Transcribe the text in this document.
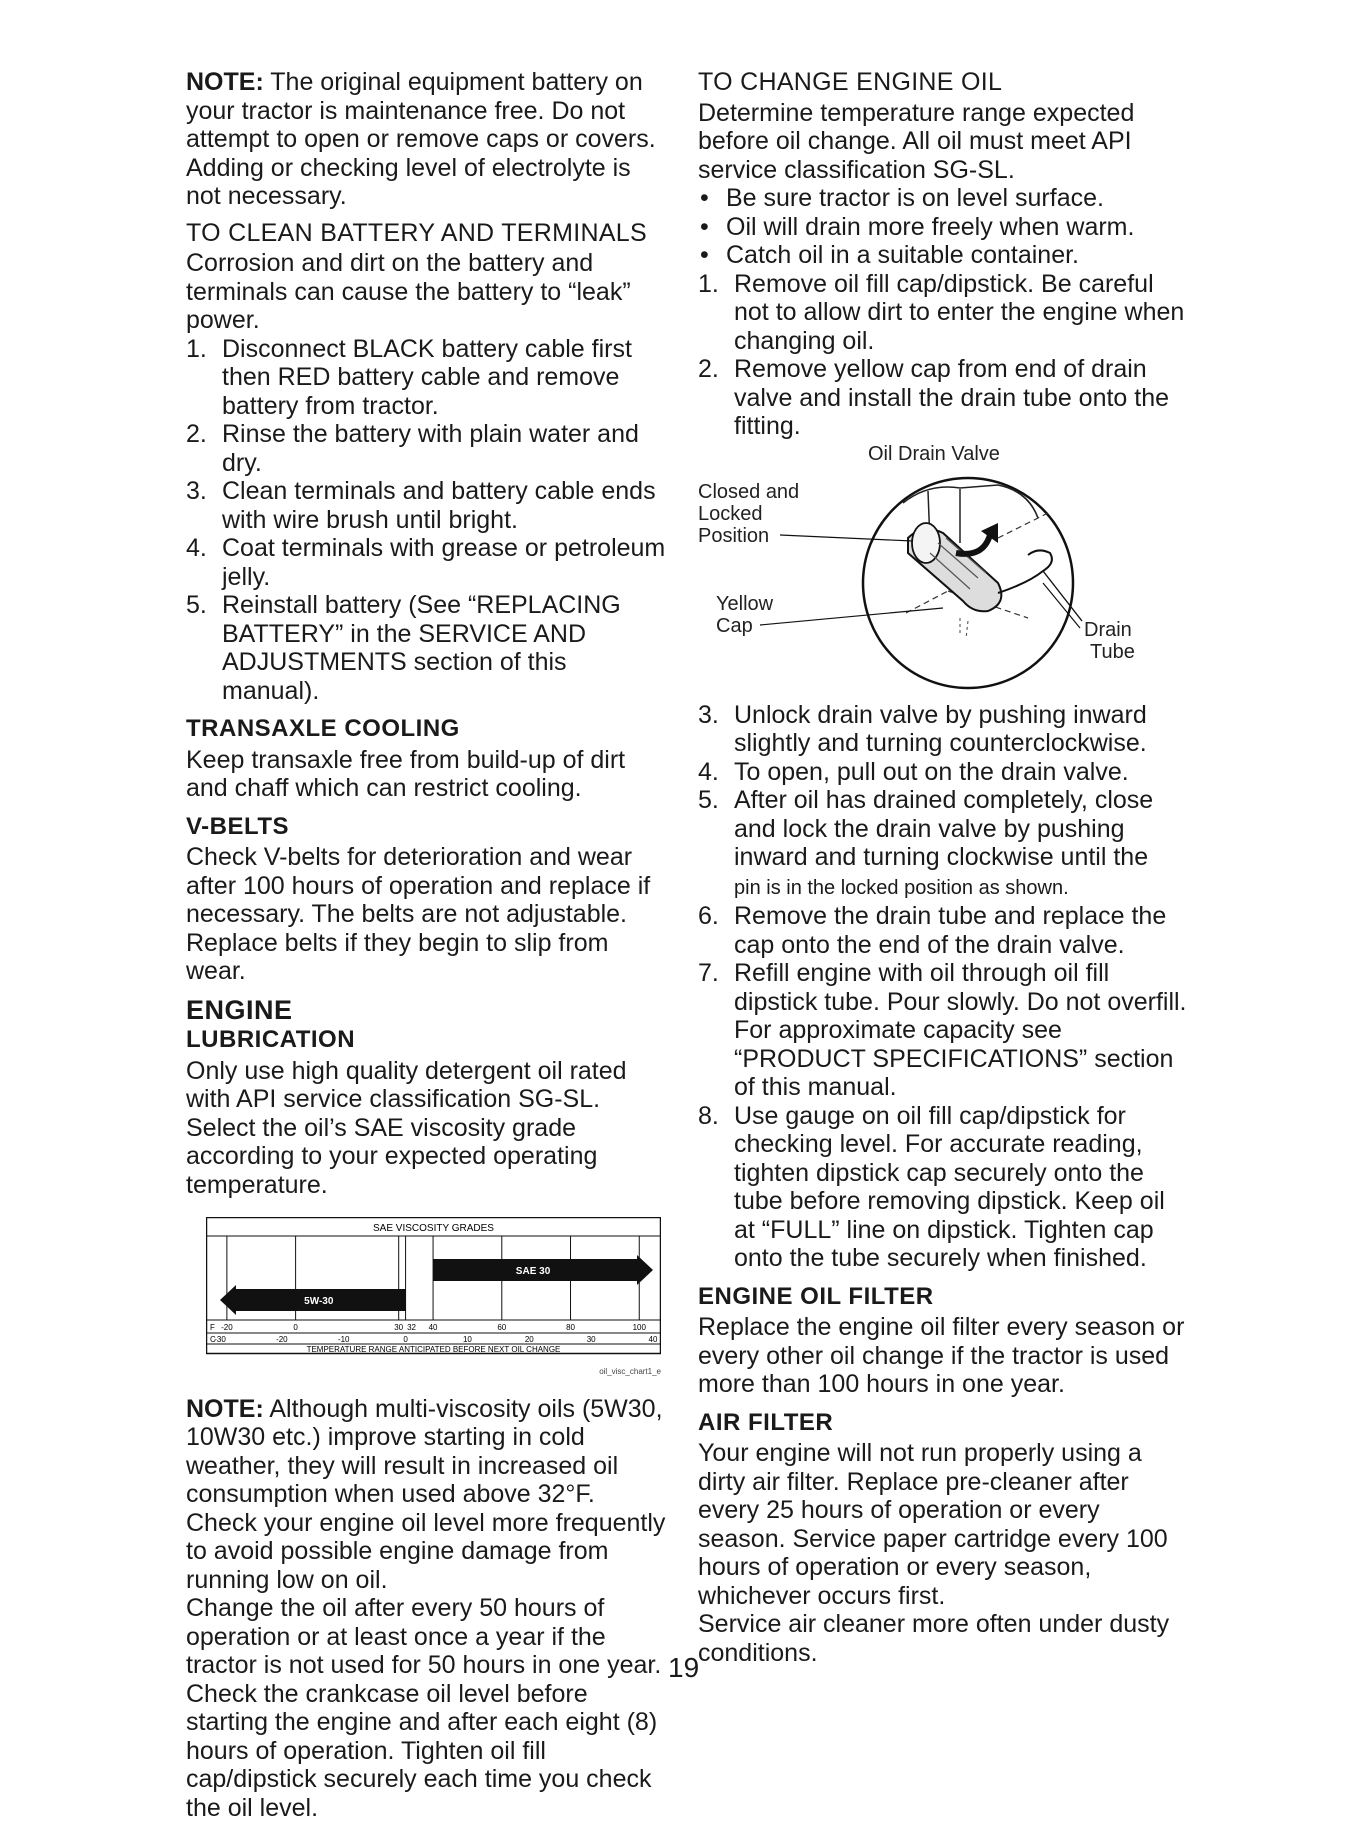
NOTE: The original equipment battery on your tractor is maintenance free. Do not attempt to open or remove caps or covers. Adding or checking level of electrolyte is not necessary.

TO CLEAN BATTERY AND TERMINALS

Corrosion and dirt on the battery and terminals can cause the battery to “leak” power.

1. Disconnect BLACK battery cable first then RED battery cable and remove battery from tractor.
2. Rinse the battery with plain water and dry.
3. Clean terminals and battery cable ends with wire brush until bright.
4. Coat terminals with grease or petroleum jelly.
5. Reinstall battery (See “REPLACING BATTERY” in the SERVICE AND ADJUSTMENTS section of this manual).
TRANSAXLE COOLING

Keep transaxle free from build-up of dirt and chaff which can restrict cooling.

V-BELTS

Check V-belts for deterioration and wear after 100 hours of operation and replace if necessary. The belts are not adjustable. Replace belts if they begin to slip from wear.

ENGINE
LUBRICATION

Only use high quality detergent oil rated with API service classification SG-SL. Select the oil’s SAE viscosity grade according to your expected operating temperature.

SAE VISCOSITY GRADES
5W-30
SAE 30
F -20	0	30 32 40	60	80	100
C
-30	-20	-10	0	10	20	30	40
TEMPERATURE RANGE ANTICIPATED BEFORE NEXT OIL CHANGE
oil_visc_chart1_e

NOTE: Although multi-viscosity oils (5W30, 10W30 etc.) improve starting in cold weather, they will result in increased oil consumption when used above 32°F. Check your engine oil level more frequently to avoid possible engine damage from running low on oil.

Change the oil after every 50 hours of operation or at least once a year if the tractor is not used for 50 hours in one year.

Check the crankcase oil level before starting the engine and after each eight (8) hours of operation. Tighten oil fill cap/dipstick securely each time you check the oil level.

TO CHANGE ENGINE OIL

Determine temperature range expected before oil change. All oil must meet API service classification SG-SL.

• Be sure tractor is on level surface.
• Oil will drain more freely when warm.
• Catch oil in a suitable container.
1. Remove oil fill cap/dipstick. Be careful not to allow dirt to enter the engine when changing oil.
2. Remove yellow cap from end of drain valve and install the drain tube onto the fitting.
Oil Drain Valve
Closed and
Locked
Position
Yellow
Cap	Drain
Tube
3. Unlock drain valve by pushing inward slightly and turning counterclockwise.
4. To open, pull out on the drain valve.
5. After oil has drained completely, close and lock the drain valve by pushing inward and turning clockwise until the
pin is in the locked position as shown.
6. Remove the drain tube and replace the cap onto the end of the drain valve.
7. Refill engine with oil through oil fill dipstick tube. Pour slowly. Do not overfill. For approximate capacity see “PRODUCT SPECIFICATIONS” section of this manual.
8. Use gauge on oil fill cap/dipstick for checking level. For accurate reading, tighten dipstick cap securely onto the tube before removing dipstick. Keep oil at “FULL” line on dipstick. Tighten cap onto the tube securely when finished.
ENGINE OIL FILTER

Replace the engine oil filter every season or every other oil change if the tractor is used more than 100 hours in one year.

AIR FILTER

Your engine will not run properly using a dirty air filter. Replace pre-cleaner after every 25 hours of operation or every season. Service paper cartridge every 100 hours of operation or every season, whichever occurs first.

Service air cleaner more often under dusty conditions.

19
